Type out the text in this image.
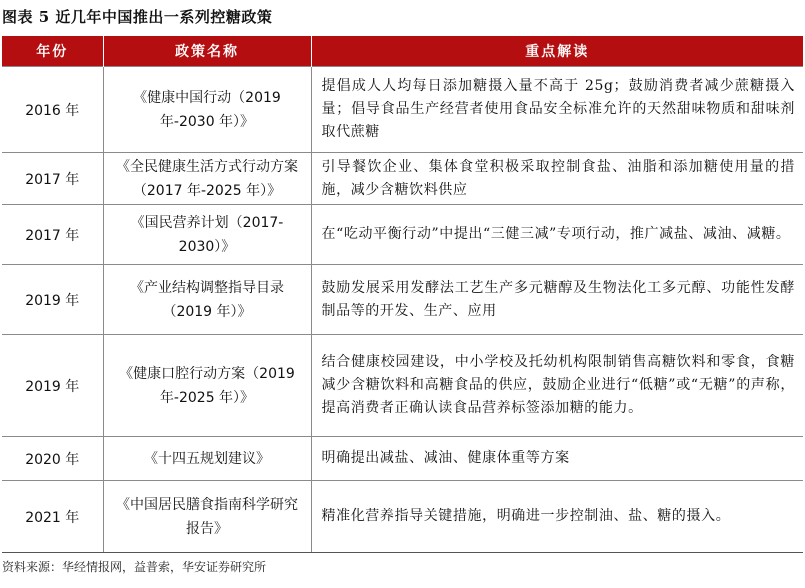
图表 5 近几年中国推出一系列控糖政策
年份	政策名称	重点解读
2016 年	《健康中国行动（2019 年-2030 年）》	提倡成人人均每日添加糖摄入量不高于 25g；鼓励消费者减少蔗糖摄入量；倡导食品生产经营者使用食品安全标准允许的天然甜味物质和甜味剂取代蔗糖
2017 年	《全民健康生活方式行动方案（2017 年-2025 年）》	引导餐饮企业、集体食堂积极采取控制食盐、油脂和添加糖使用量的措施，减少含糖饮料供应
2017 年	《国民营养计划（2017-2030）》	在“吃动平衡行动”中提出“三健三减”专项行动，推广减盐、减油、减糖。
2019 年	《产业结构调整指导目录（2019 年）》	鼓励发展采用发酵法工艺生产多元糖醇及生物法化工多元醇、功能性发酵制品等的开发、生产、应用
2019 年	《健康口腔行动方案（2019 年-2025 年）》	结合健康校园建设，中小学校及托幼机构限制销售高糖饮料和零食，食糖减少含糖饮料和高糖食品的供应，鼓励企业进行“低糖”或“无糖”的声称，提高消费者正确认读食品营养标签添加糖的能力。
2020 年	《十四五规划建议》	明确提出减盐、减油、健康体重等方案
2021 年	《中国居民膳食指南科学研究报告》	精准化营养指导关键措施，明确进一步控制油、盐、糖的摄入。
资料来源：华经情报网，益普索，华安证券研究所
